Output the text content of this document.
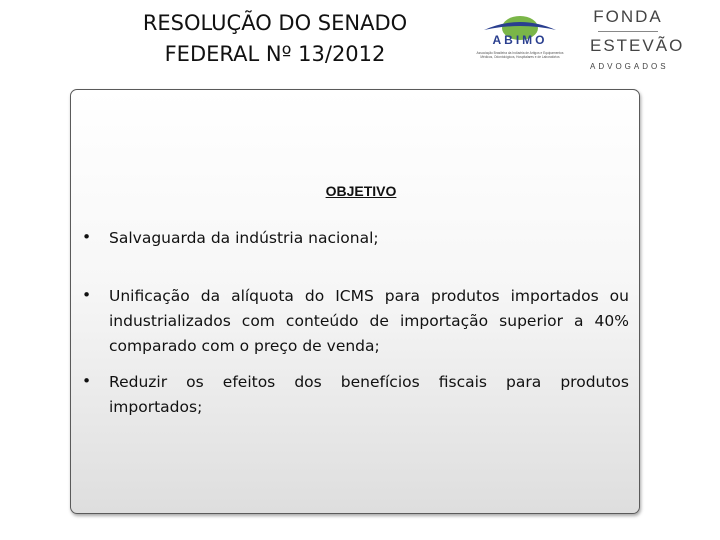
RESOLUÇÃO DO SENADO
FEDERAL Nº 13/2012
ABIMO
Associação Brasileira da Indústria de Artigos e Equipamentos Médicos, Odontológicos, Hospitalares e de Laboratórios
FONDA
ESTEVÃO
ADVOGADOS
OBJETIVO
• Salvaguarda da indústria nacional;
• Unificação da alíquota do ICMS para produtos importados ou
industrializados com conteúdo de importação superior a 40%
comparado com o preço de venda;
• Reduzir os efeitos dos benefícios fiscais para produtos
importados;
